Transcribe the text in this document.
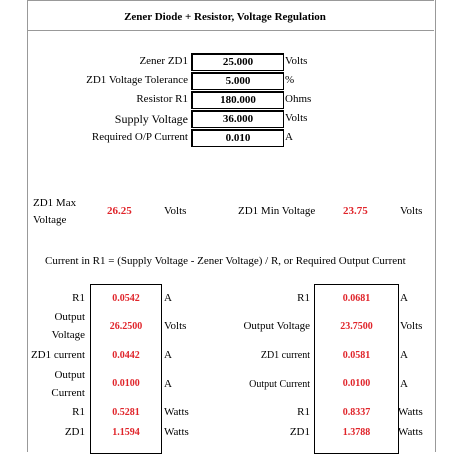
Zener Diode + Resistor, Voltage Regulation
Zener ZD1	25.000	Volts
ZD1 Voltage Tolerance	5.000	%
Resistor R1	180.000	Ohms
Supply Voltage	36.000	Volts
Required O/P Current	0.010	A
ZD1 Max
Voltage
26.25	Volts	ZD1 Min Voltage	23.75	Volts
Current in R1 = (Supply Voltage - Zener Voltage) / R, or Required Output Current
R1	0.0542	A
Output
Voltage
26.2500	Volts
ZD1 current	0.0442	A
Output
Current
0.0100	A
R1	0.5281	Watts
ZD1	1.1594	Watts
R1	0.0681	A
Output Voltage	23.7500	Volts
ZD1 current	0.0581	A
Output Current	0.0100	A
R1	0.8337	Watts
ZD1	1.3788	Watts
